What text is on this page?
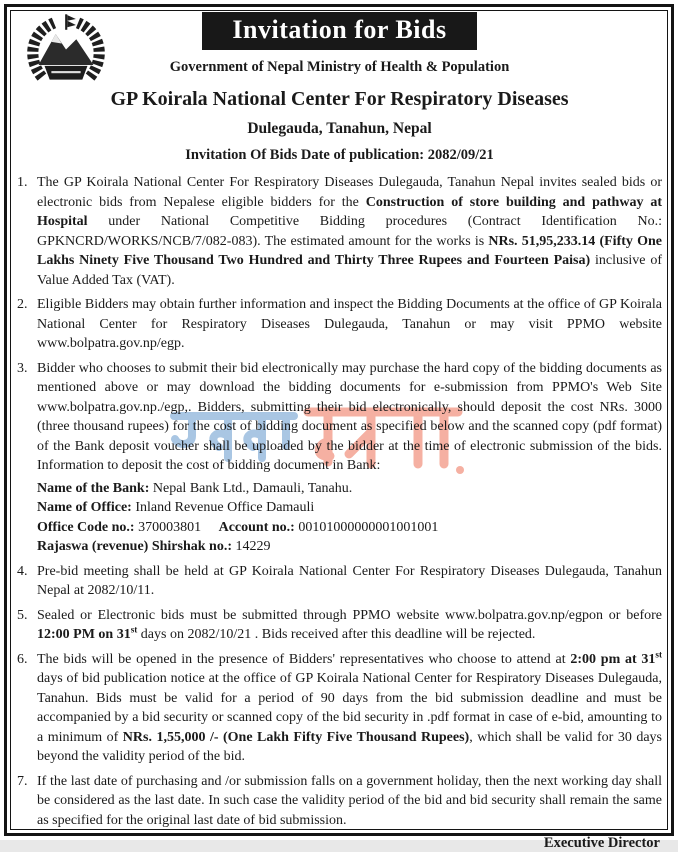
Invitation for Bids
Government of Nepal Ministry of Health & Population
GP Koirala National Center For Respiratory Diseases
Dulegauda, Tanahun, Nepal
Invitation Of Bids Date of publication: 2082/09/21
1. The GP Koirala National Center For Respiratory Diseases Dulegauda, Tanahun Nepal invites sealed bids or electronic bids from Nepalese eligible bidders for the Construction of store building and pathway at Hospital under National Competitive Bidding procedures (Contract Identification No.: GPKNCRD/WORKS/NCB/7/082-083). The estimated amount for the works is NRs. 51,95,233.14 (Fifty One Lakhs Ninety Five Thousand Two Hundred and Thirty Three Rupees and Fourteen Paisa) inclusive of Value Added Tax (VAT).
2. Eligible Bidders may obtain further information and inspect the Bidding Documents at the office of GP Koirala National Center for Respiratory Diseases Dulegauda, Tanahun or may visit PPMO website www.bolpatra.gov.np/egp.
3. Bidder who chooses to submit their bid electronically may purchase the hard copy of the bidding documents as mentioned above or may download the bidding documents for e-submission from PPMO's Web Site www.bolpatra.gov.np./egp,. Bidders, submitting their bid electronically, should deposit the cost NRs. 3000 (three thousand rupees) for the cost of bidding document as specified below and the scanned copy (pdf format) of the Bank deposit voucher shall be uploaded by the bidder at the time of electronic submission of the bids. Information to deposit the cost of bidding document in Bank:
Name of the Bank: Nepal Bank Ltd., Damauli, Tanahu.
Name of Office: Inland Revenue Office Damauli
Office Code no.: 370003801     Account no.: 00101000000001001001
Rajaswa (revenue) Shirshak no.: 14229
4. Pre-bid meeting shall be held at GP Koirala National Center For Respiratory Diseases Dulegauda, Tanahun Nepal at 2082/10/11.
5. Sealed or Electronic bids must be submitted through PPMO website www.bolpatra.gov.np/egpon or before 12:00 PM on 31st days on 2082/10/21 . Bids received after this deadline will be rejected.
6. The bids will be opened in the presence of Bidders' representatives who choose to attend at 2:00 pm at 31st days of bid publication notice at the office of GP Koirala National Center for Respiratory Diseases Dulegauda, Tanahun. Bids must be valid for a period of 90 days from the bid submission deadline and must be accompanied by a bid security or scanned copy of the bid security in .pdf format in case of e-bid, amounting to a minimum of NRs. 1,55,000 /- (One Lakh Fifty Five Thousand Rupees), which shall be valid for 30 days beyond the validity period of the bid.
7. If the last date of purchasing and /or submission falls on a government holiday, then the next working day shall be considered as the last date. In such case the validity period of the bid and bid security shall remain the same as specified for the original last date of bid submission.
Executive Director
